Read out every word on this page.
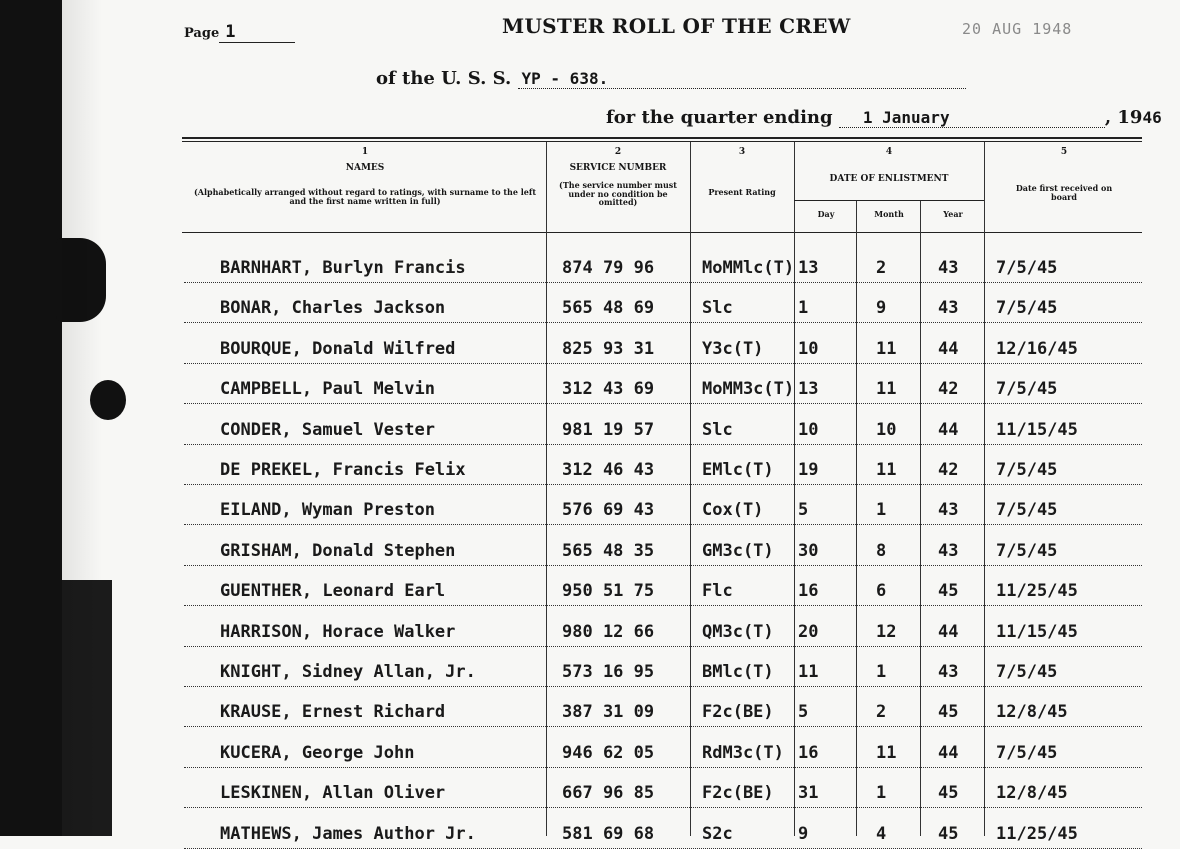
Page 1	MUSTER ROLL OF THE CREW	20 AUG 1948
of the U. S. S. YP - 638.
for the quarter ending 1 January	, 1946
1
NAMES
(Alphabetically arranged without regard to ratings, with surname to the left and the first name written in full)
2
SERVICE NUMBER
(The service number must under no condition be omitted)
3
Present Rating
4
DATE OF ENLISTMENT
Day	Month	Year
5
Date first received on board
BARNHART, Burlyn Francis	874 79 96	MoMMlc(T) 13	2	43 7/5/45
BONAR, Charles Jackson	565 48 69	Slc	1	9	43 7/5/45
BOURQUE, Donald Wilfred	825 93 31	Y3c(T) 10	11 44 12/16/45
CAMPBELL, Paul Melvin	312 43 69	MoMM3c(T) 13	11 42 7/5/45
CONDER, Samuel Vester	981 19 57	Slc	10	10 44 11/15/45
DE PREKEL, Francis Felix	312 46 43	EMlc(T) 19	11 42 7/5/45
EILAND, Wyman Preston	576 69 43	Cox(T) 5	1	43 7/5/45
GRISHAM, Donald Stephen	565 48 35	GM3c(T) 30	8	43 7/5/45
GUENTHER, Leonard Earl	950 51 75	Flc	16	6	45 11/25/45
HARRISON, Horace Walker	980 12 66	QM3c(T) 20	12 44 11/15/45
KNIGHT, Sidney Allan, Jr.	573 16 95	BMlc(T) 11	1	43 7/5/45
KRAUSE, Ernest Richard	387 31 09	F2c(BE) 5	2	45 12/8/45
KUCERA, George John	946 62 05	RdM3c(T) 16	11 44 7/5/45
LESKINEN, Allan Oliver	667 96 85	F2c(BE) 31	1	45 12/8/45
MATHEWS, James Author Jr.	581 69 68	S2c	9	4	45 11/25/45
